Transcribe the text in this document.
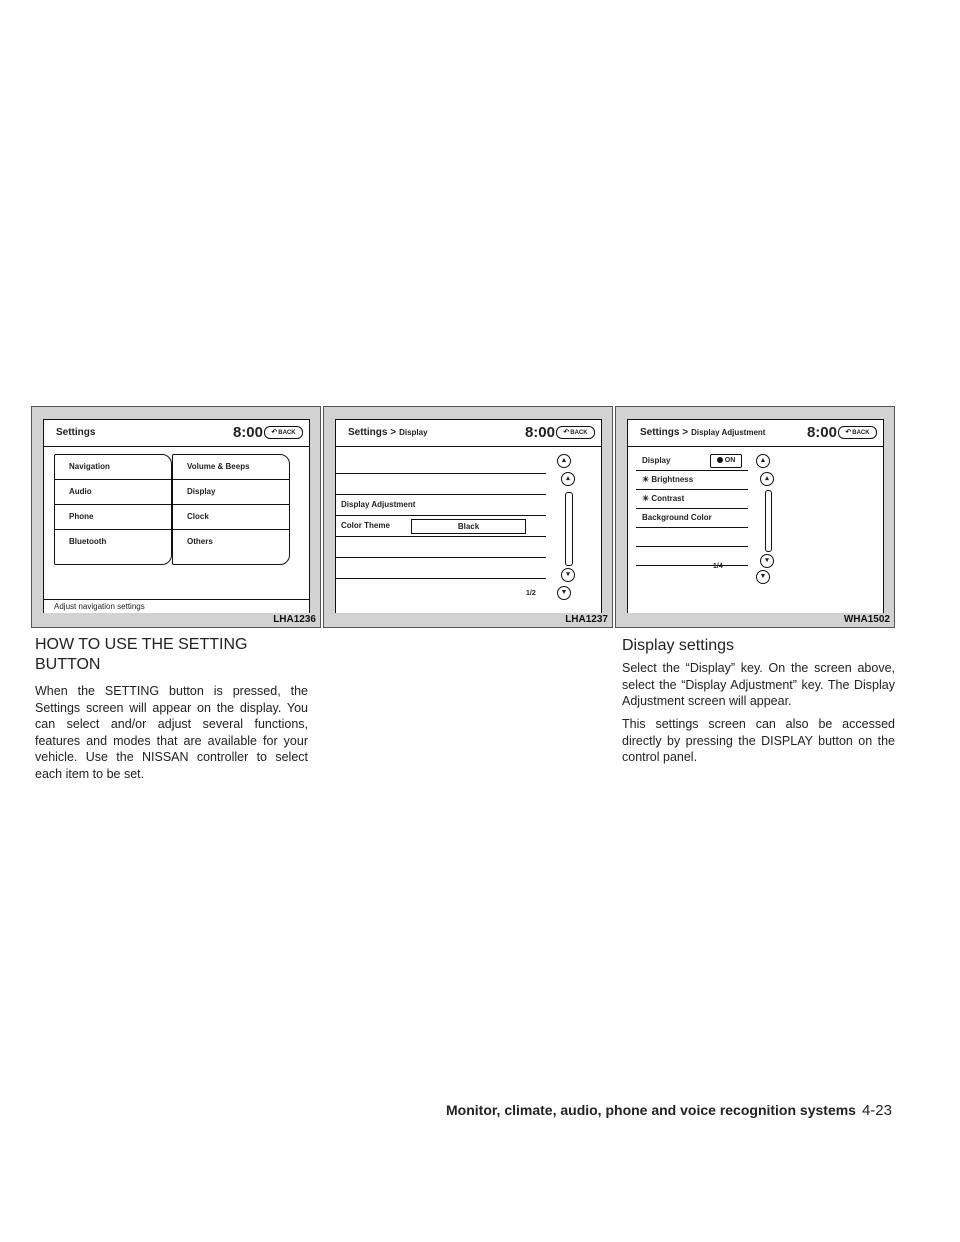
Settings	8:00	↶BACK
Navigation
Audio
Phone
Bluetooth
Volume & Beeps
Display
Clock
Others
Adjust navigation settings
LHA1236
Settings > Display	8:00	↶BACK
Display Adjustment
Color Theme	Black
▲
▴
▾
▼
1/2
LHA1237
Settings > Display Adjustment	8:00	↶BACK
Display	ON
☀ Brightness
☀ Contrast
Background Color
▲
▴
▾
▼
1/4
WHA1502
HOW TO USE THE SETTING BUTTON
When the SETTING button is pressed, the Settings screen will appear on the display. You can select and/or adjust several functions, features and modes that are available for your vehicle. Use the NISSAN controller to select each item to be set.
Display settings
Select the “Display” key. On the screen above, select the “Display Adjustment” key. The Display Adjustment screen will appear.
This settings screen can also be accessed directly by pressing the DISPLAY button on the control panel.
Monitor, climate, audio, phone and voice recognition systems 4-23
